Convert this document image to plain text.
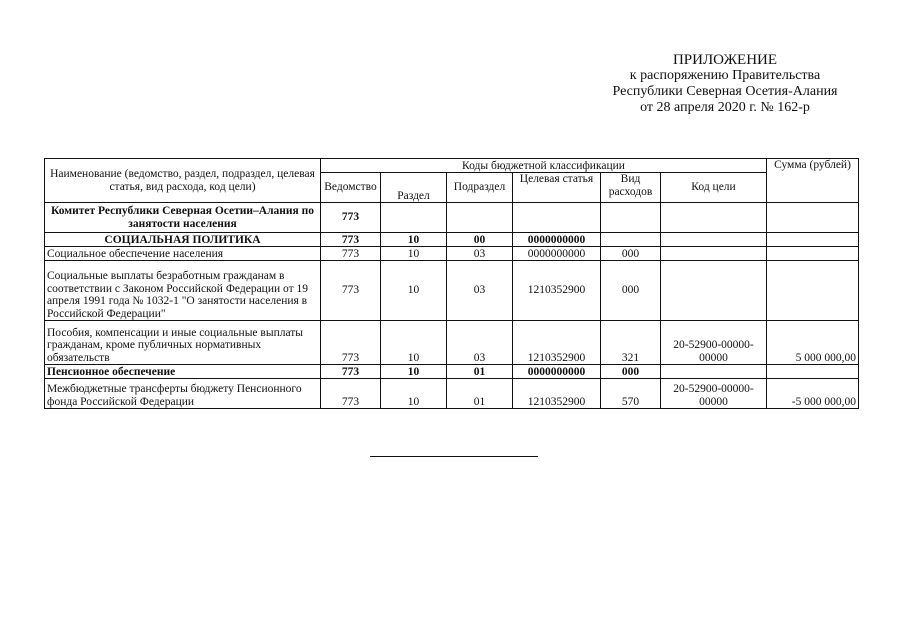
ПРИЛОЖЕНИЕ
к распоряжению Правительства
Республики Северная Осетия-Алания
от 28 апреля 2020 г. № 162-р
Наименование (ведомство, раздел, подраздел, целевая статья, вид расхода, код цели)	Коды бюджетной классификации						Сумма (рублей)
	Ведомство	Раздел	Подраздел	Целевая статья	Вид расходов	Код цели	
Комитет Республики Северная Осетии–Алания по занятости населения	773						
СОЦИАЛЬНАЯ ПОЛИТИКА	773	10	00	0000000000			
Социальное обеспечение населения	773	10	03	0000000000	000		
Социальные выплаты безработным гражданам в соответствии с Законом Российской Федерации от 19 апреля 1991 года № 1032-1 "О занятости населения в Российской Федерации"	773	10	03	1210352900	000		
Пособия, компенсации и иные социальные выплаты гражданам, кроме публичных нормативных обязательств	773	10	03	1210352900	321	20-52900-00000-00000	5 000 000,00
Пенсионное обеспечение	773	10	01	0000000000	000		
Межбюджетные трансферты бюджету Пенсионного фонда Российской Федерации	773	10	01	1210352900	570	20-52900-00000-00000	-5 000 000,00
